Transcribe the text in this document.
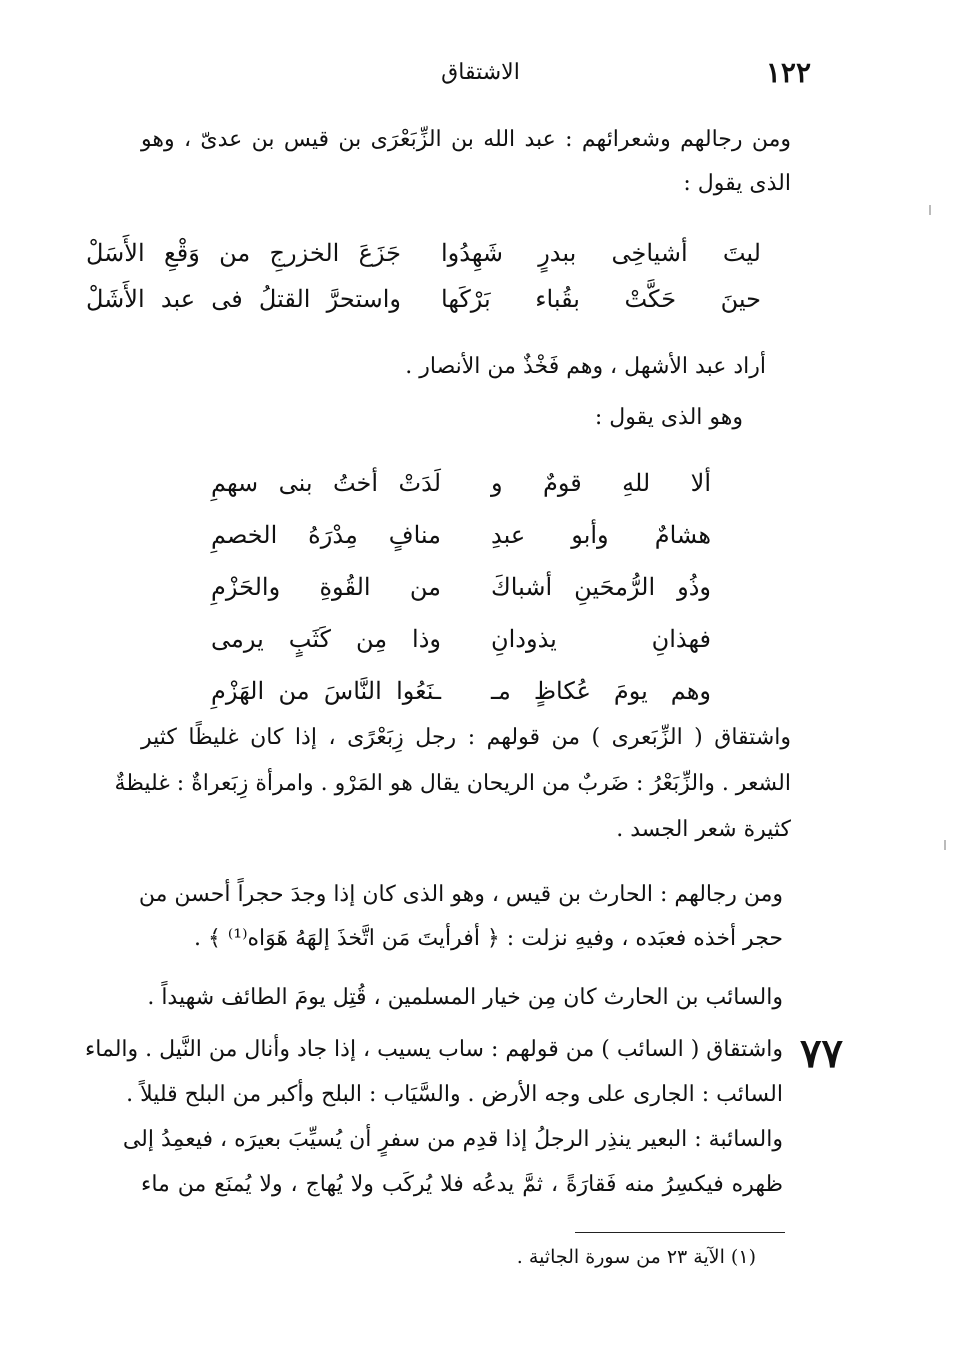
١٢٢
الاشتقاق
ومن رجالهم وشعرائهم : عبد الله بن الزِّبَعْرَى بن قيس بن عدىّ ، وهو
الذى يقول :
ليتَ أشياخِى ببدرٍ شَهِدُوا
جَزَعَ الخزرجِ من وَقْعِ الأَسَلْ
حينَ حَكَّتْ بقُباء بَرْكَها
واستحرَّ القتلُ فى عبد الأَشَلْ
أراد عبد الأشهل ، وهم فَخْذٌ من الأنصار .
وهو الذى يقول :
ألا للهِ قومٌ و
لَدَتْ أختُ بنى سهمِ
هشامٌ وأبو عبدِ
منافٍ مِدْرَهُ الخصمِ
وذُو الرُّمحَينِ أشباكَ
من القُوةِ والحَزْمِ
فهذانِ يذودانِ
وذا مِن كَثَبٍ يرمى
وهم يومَ عُكاظٍ مـ
ـنَعُوا النَّاسَ من الهَزْمِ
واشتقاق ( الزِّبَعرى ) من قولهم : رجل زِبَعْرًى ، إذا كان غليظًا كثير
الشعر . والزِّبَعْرُ : ضَربٌ من الريحان يقال هو المَرْو . وامرأة زِبَعراةٌ : غليظةٌ
كثيرة شعر الجسد .
ومن رجالهم : الحارث بن قيس ، وهو الذى كان إذا وجدَ حجراً أحسن من
حجر أخذه فعبَده ، وفيهِ نزلت : ﴿ أفرأيتَ مَن اتَّخذَ إلهَهُ هَوَاه⁽¹⁾ ﴾ .
والسائب بن الحارث كان مِن خيار المسلمين ، قُتِل يومَ الطائف شهيداً .
٧٧
واشتقاق ( السائب ) من قولهم : ساب يسيب ، إذا جاد وأنال من النَّيل . والماء
السائب : الجارى على وجه الأرض . والسَّيَاب : البلح وأكبر من البلح قليلاً .
والسائبة : البعير ينذِر الرجلُ إذا قدِم من سفرٍ أن يُسيِّبَ بعيرَه ، فيعمِدُ إلى
ظهره فيكسِرُ منه فَقارَةً ، ثمَّ يدعُه فلا يُركَب ولا يُهاج ، ولا يُمنَع من ماء
(١) الآية ٢٣ من سورة الجاثية .
